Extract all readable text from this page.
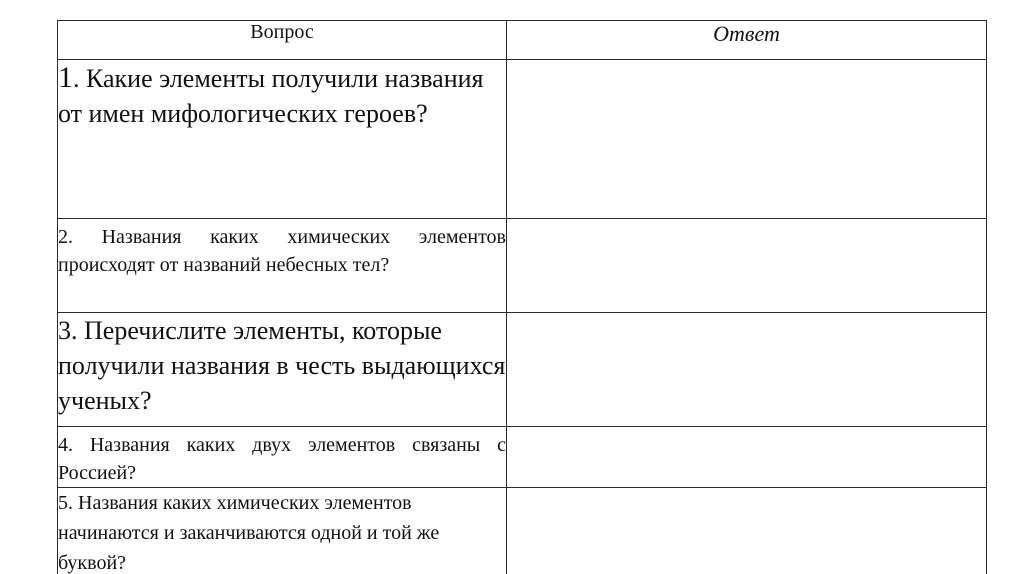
Вопрос	Ответ

1. Какие элементы получили названия от имен мифологических героев?	

2. Названия каких химических элементов происходят от названий небесных тел?	

3. Перечислите элементы, которые получили названия в честь выдающихся ученых?	

4. Названия каких двух элементов связаны с Россией?	

5. Названия каких химических элементов начинаются и заканчиваются одной и той же буквой?	
